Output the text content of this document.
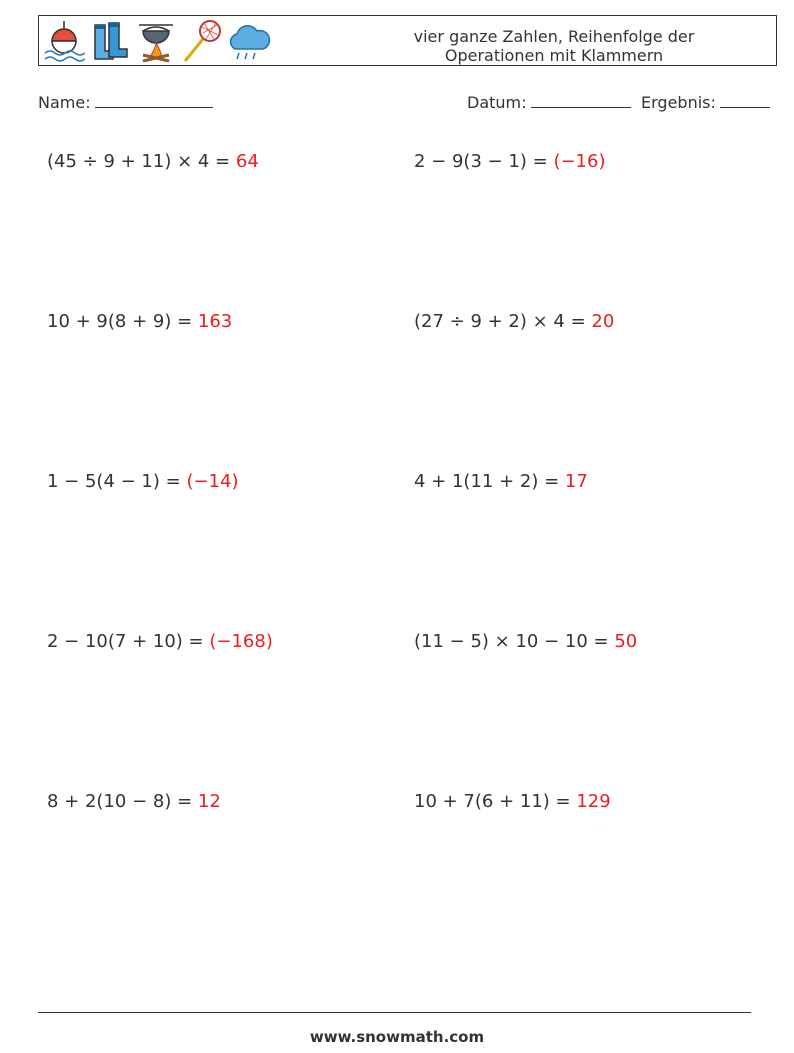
vier ganze Zahlen, Reihenfolge der
Operationen mit Klammern
Name:	Datum:	Ergebnis:
(45 ÷ 9 + 11) × 4 = 64	2 − 9(3 − 1) = (−16)
10 + 9(8 + 9) = 163	(27 ÷ 9 + 2) × 4 = 20
1 − 5(4 − 1) = (−14)	4 + 1(11 + 2) = 17
2 − 10(7 + 10) = (−168)	(11 − 5) × 10 − 10 = 50
8 + 2(10 − 8) = 12	10 + 7(6 + 11) = 129
www.snowmath.com
